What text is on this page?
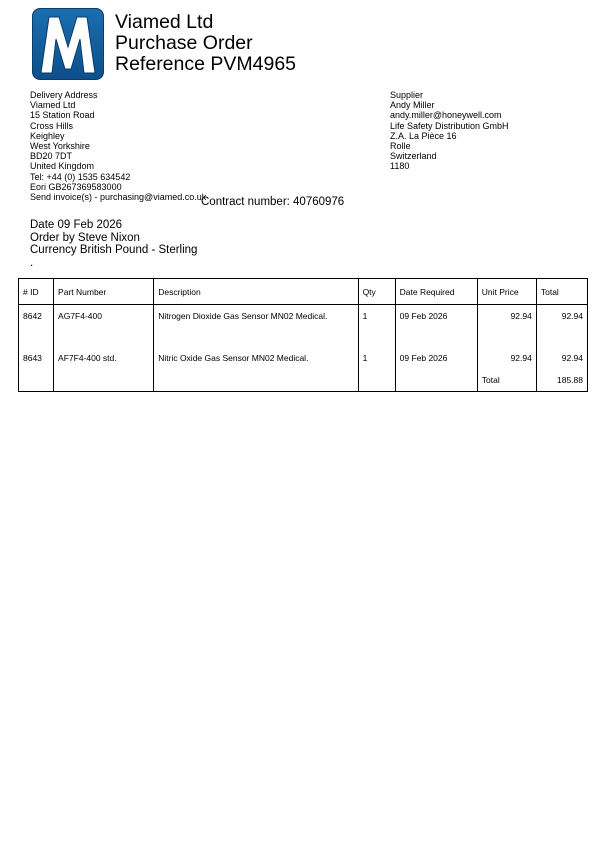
Viamed Ltd
Purchase Order
Reference PVM4965
Delivery Address
Viamed Ltd
15 Station Road
Cross Hills
Keighley
West Yorkshire
BD20 7DT
United Kingdom
Tel: +44 (0) 1535 634542
Eori GB267369583000
Send invoice(s) - purchasing@viamed.co.uk
Supplier
Andy Miller
andy.miller@honeywell.com
Life Safety Distribution GmbH
Z.A. La Pièce 16
Rolle
Switzerland
1180
Contract number: 40760976
Date 09 Feb 2026
Order by Steve Nixon
Currency British Pound - Sterling
.
# ID	Part Number	Description	Qty	Date Required	Unit Price	Total
8642	AG7F4-400	Nitrogen Dioxide Gas Sensor MN02 Medical.	1	09 Feb 2026	92.94	92.94
8643	AF7F4-400 std.	Nitric Oxide Gas Sensor MN02 Medical.	1	09 Feb 2026	92.94	92.94
					Total	185.88
